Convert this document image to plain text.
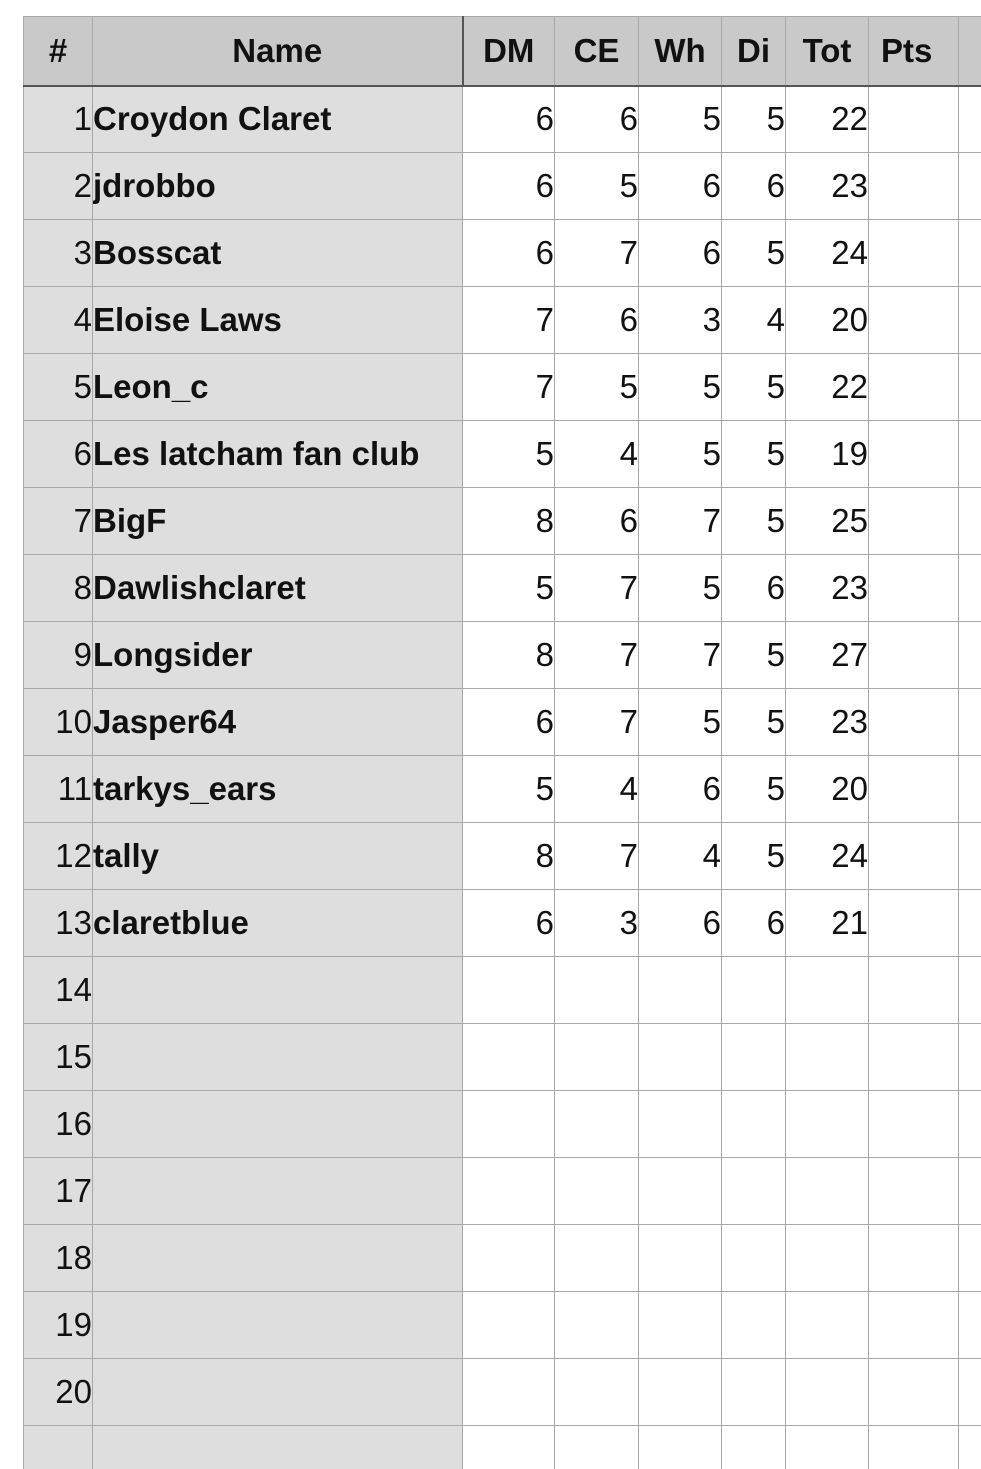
#	Name	DM	CE	Wh	Di	Tot	Pts	
1	Croydon Claret	6	6	5	5	22		
2	jdrobbo	6	5	6	6	23		
3	Bosscat	6	7	6	5	24		
4	Eloise Laws	7	6	3	4	20		
5	Leon_c	7	5	5	5	22		
6	Les latcham fan club	5	4	5	5	19		
7	BigF	8	6	7	5	25		
8	Dawlishclaret	5	7	5	6	23		
9	Longsider	8	7	7	5	27		
10	Jasper64	6	7	5	5	23		
11	tarkys_ears	5	4	6	5	20		
12	tally	8	7	4	5	24		
13	claretblue	6	3	6	6	21		
14								
15								
16								
17								
18								
19								
20								
